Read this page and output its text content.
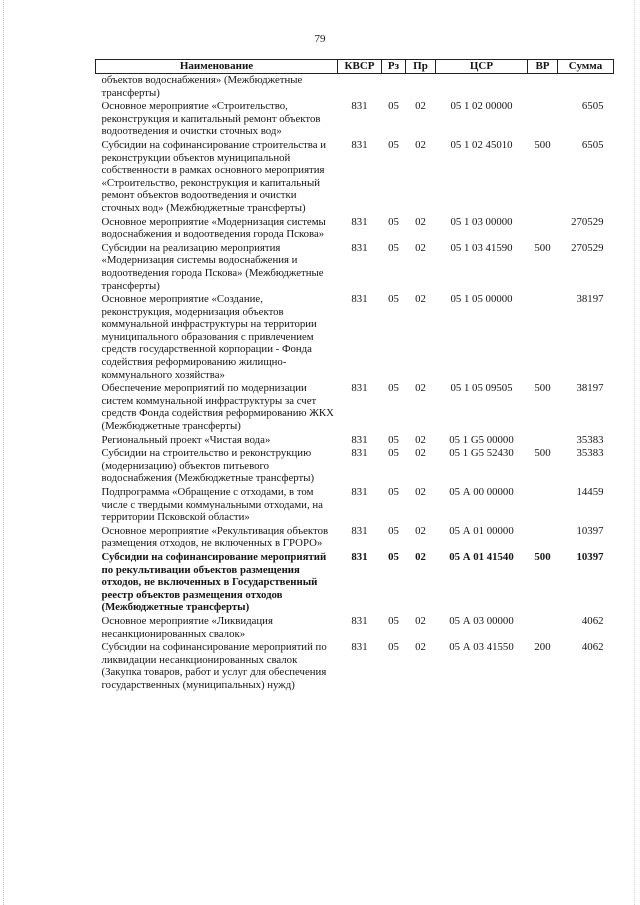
79
Наименование	КВСР	Рз	Пр	ЦСР	ВР	Сумма
объектов водоснабжения» (Межбюджетные трансферты)						
Основное мероприятие «Строительство, реконструкция и капитальный ремонт объектов водоотведения и очистки сточных вод»	831	05	02	05 1 02 00000		6505
Субсидии на софинансирование строительства и реконструкции объектов муниципальной собственности в рамках основного мероприятия «Строительство, реконструкция и капитальный ремонт объектов водоотведения и очистки сточных вод» (Межбюджетные трансферты)	831	05	02	05 1 02 45010	500	6505
Основное мероприятие «Модернизация системы водоснабжения и водоотведения города Пскова»	831	05	02	05 1 03 00000		270529
Субсидии на реализацию мероприятия «Модернизация системы водоснабжения и водоотведения города Пскова» (Межбюджетные трансферты)	831	05	02	05 1 03 41590	500	270529
Основное мероприятие «Создание, реконструкция, модернизация объектов коммунальной инфраструктуры на территории муниципального образования с привлечением средств государственной корпорации - Фонда содействия реформированию жилищно-коммунального хозяйства»	831	05	02	05 1 05 00000		38197
Обеспечение мероприятий по модернизации систем коммунальной инфраструктуры за счет средств Фонда содействия реформированию ЖКХ (Межбюджетные трансферты)	831	05	02	05 1 05 09505	500	38197
Региональный проект «Чистая вода»	831	05	02	05 1 G5 00000		35383
Субсидии на строительство и реконструкцию (модернизацию) объектов питьевого водоснабжения (Межбюджетные трансферты)	831	05	02	05 1 G5 52430	500	35383
Подпрограмма «Обращение с отходами, в том числе с твердыми коммунальными отходами, на территории Псковской области»	831	05	02	05 А 00 00000		14459
Основное мероприятие «Рекультивация объектов размещения отходов, не включенных в ГРОРО»	831	05	02	05 А 01 00000		10397
Субсидии на софинансирование мероприятий по рекультивации объектов размещения отходов, не включенных в Государственный реестр объектов размещения отходов (Межбюджетные трансферты)	831	05	02	05 А 01 41540	500	10397
Основное мероприятие «Ликвидация несанкционированных свалок»	831	05	02	05 А 03 00000		4062
Субсидии на софинансирование мероприятий по ликвидации несанкционированных свалок (Закупка товаров, работ и услуг для обеспечения государственных (муниципальных) нужд)	831	05	02	05 А 03 41550	200	4062
